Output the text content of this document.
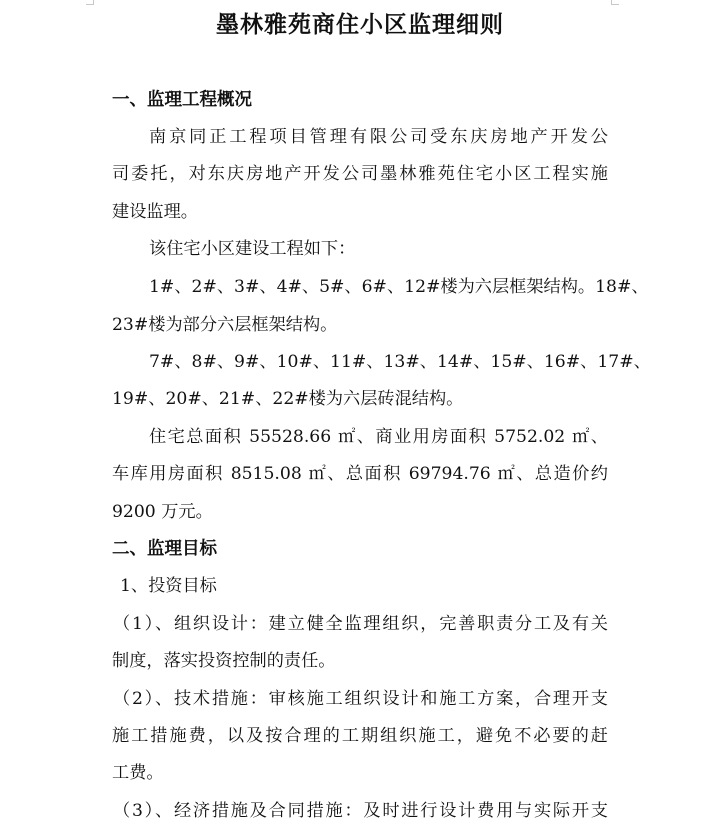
墨林雅苑商住小区监理细则
一、监理工程概况
南京同正工程项目管理有限公司受东庆房地产开发公
司委托，对东庆房地产开发公司墨林雅苑住宅小区工程实施
建设监理。
该住宅小区建设工程如下：
1#、2#、3#、4#、5#、6#、12#楼为六层框架结构。18#、
23#楼为部分六层框架结构。
7#、8#、9#、10#、11#、13#、14#、15#、16#、17#、
19#、20#、21#、22#楼为六层砖混结构。
住宅总面积 55528.66 ㎡、商业用房面积 5752.02 ㎡、
车库用房面积 8515.08 ㎡、总面积 69794.76 ㎡、总造价约
9200 万元。
二、监理目标
1、投资目标
（1）、组织设计：建立健全监理组织，完善职责分工及有关
制度，落实投资控制的责任。
（2）、技术措施：审核施工组织设计和施工方案，合理开支
施工措施费，以及按合理的工期组织施工，避免不必要的赶
工费。
（3）、经济措施及合同措施：及时进行设计费用与实际开支
